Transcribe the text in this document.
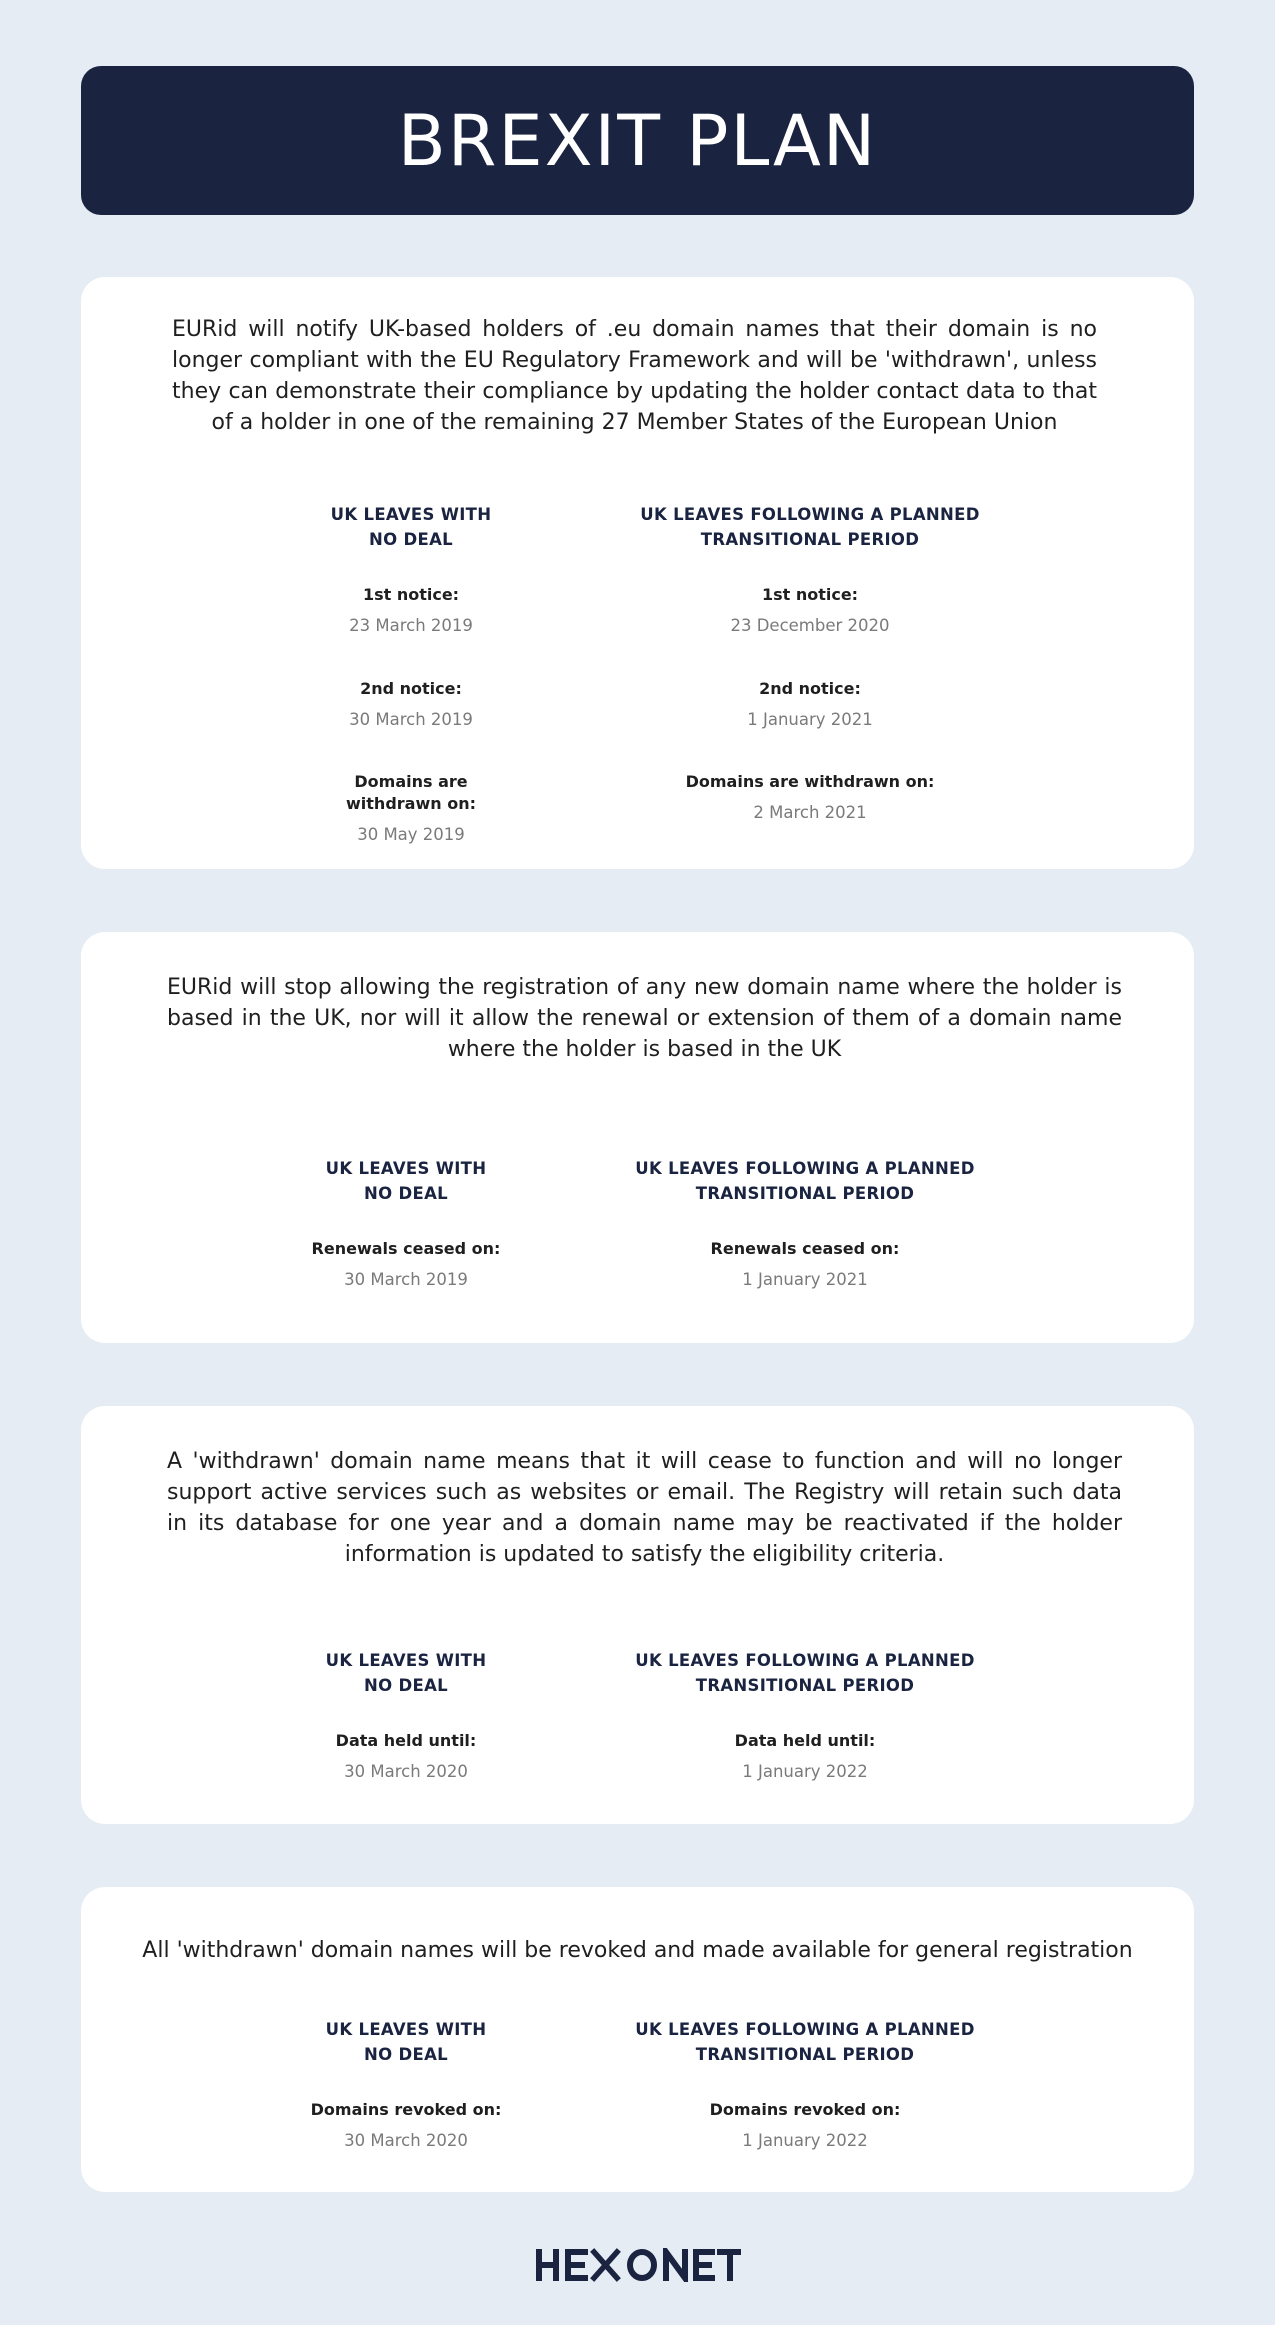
BREXIT PLAN

EURid will notify UK-based holders of .eu domain names that their domain is no longer compliant with the EU Regulatory Framework and will be 'withdrawn', unless they can demonstrate their compliance by updating the holder contact data to that of a holder in one of the remaining 27 Member States of the European Union

UK LEAVES WITH
NO DEAL
1st notice:
23 March 2019
2nd notice:
30 March 2019
Domains are withdrawn on:
30 May 2019
UK LEAVES FOLLOWING A PLANNED
TRANSITIONAL PERIOD
1st notice:
23 December 2020
2nd notice:
1 January 2021
Domains are withdrawn on:
2 March 2021

EURid will stop allowing the registration of any new domain name where the holder is based in the UK, nor will it allow the renewal or extension of them of a domain name where the holder is based in the UK

UK LEAVES WITH
NO DEAL
Renewals ceased on:
30 March 2019
UK LEAVES FOLLOWING A PLANNED
TRANSITIONAL PERIOD
Renewals ceased on:
1 January 2021

A 'withdrawn' domain name means that it will cease to function and will no longer support active services such as websites or email. The Registry will retain such data in its database for one year and a domain name may be reactivated if the holder information is updated to satisfy the eligibility criteria.

UK LEAVES WITH
NO DEAL
Data held until:
30 March 2020
UK LEAVES FOLLOWING A PLANNED
TRANSITIONAL PERIOD
Data held until:
1 January 2022

All 'withdrawn' domain names will be revoked and made available for general registration

UK LEAVES WITH
NO DEAL
Domains revoked on:
30 March 2020
UK LEAVES FOLLOWING A PLANNED
TRANSITIONAL PERIOD
Domains revoked on:
1 January 2022
